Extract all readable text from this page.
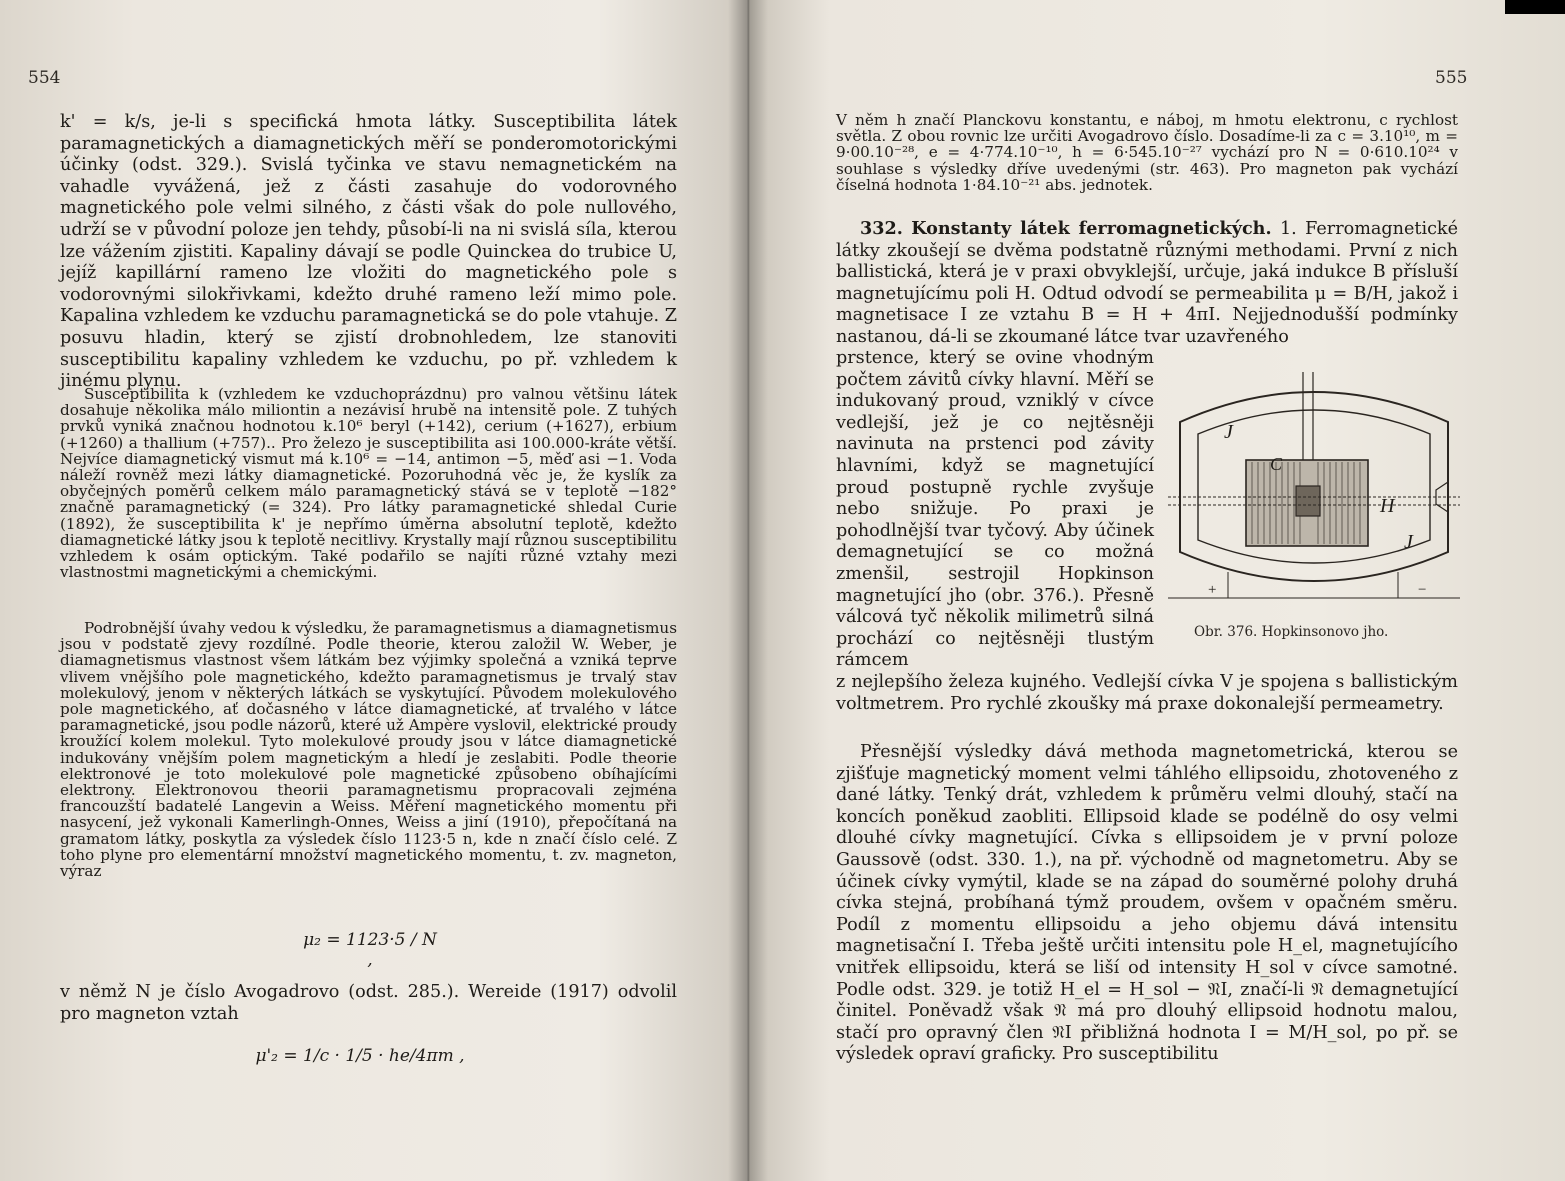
554

k' = k/s, je-li s specifická hmota látky. Susceptibilita látek paramagnetických a diamagnetických měří se ponderomotorickými účinky (odst. 329.). Svislá tyčinka ve stavu nemagnetickém na vahadle vyvážená, jež z části zasahuje do vodorovného magnetického pole velmi silného, z části však do pole nullového, udrží se v původní poloze jen tehdy, působí-li na ni svislá síla, kterou lze vážením zjistiti. Kapaliny dávají se podle Quinckea do trubice U, jejíž kapillární rameno lze vložiti do magnetického pole s vodorovnými silokřivkami, kdežto druhé rameno leží mimo pole. Kapalina vzhledem ke vzduchu paramagnetická se do pole vtahuje. Z posuvu hladin, který se zjistí drobnohledem, lze stanoviti susceptibilitu kapaliny vzhledem ke vzduchu, po př. vzhledem k jinému plynu.

Susceptibilita k (vzhledem ke vzduchoprázdnu) pro valnou většinu látek dosahuje několika málo miliontin a nezávisí hrubě na intensitě pole. Z tuhých prvků vyniká značnou hodnotou k.10⁶ beryl (+142), cerium (+1627), erbium (+1260) a thallium (+757).. Pro železo je susceptibilita asi 100.000-kráte větší. Nejvíce diamagnetický vismut má k.10⁶ = −14, antimon −5, měď asi −1. Voda náleží rovněž mezi látky diamagnetické. Pozoruhodná věc je, že kyslík za obyčejných poměrů celkem málo paramagnetický stává se v teplotě −182° značně paramagnetický (= 324). Pro látky paramagnetické shledal Curie (1892), že susceptibilita k' je nepřímo úměrna absolutní teplotě, kdežto diamagnetické látky jsou k teplotě necitlivy. Krystally mají různou susceptibilitu vzhledem k osám optickým. Také podařilo se najíti různé vztahy mezi vlastnostmi magnetickými a chemickými.

Podrobnější úvahy vedou k výsledku, že paramagnetismus a diamagnetismus jsou v podstatě zjevy rozdílné. Podle theorie, kterou založil W. Weber, je diamagnetismus vlastnost všem látkám bez výjimky společná a vzniká teprve vlivem vnějšího pole magnetického, kdežto paramagnetismus je trvalý stav molekulový, jenom v některých látkách se vyskytující. Původem molekulového pole magnetického, ať dočasného v látce diamagnetické, ať trvalého v látce paramagnetické, jsou podle názorů, které už Ampère vyslovil, elektrické proudy kroužící kolem molekul. Tyto molekulové proudy jsou v látce diamagnetické indukovány vnějším polem magnetickým a hledí je zeslabiti. Podle theorie elektronové je toto molekulové pole magnetické způsobeno obíhajícími elektrony. Elektronovou theorii paramagnetismu propracovali zejména francouzští badatelé Langevin a Weiss. Měření magnetického momentu při nasycení, jež vykonali Kamerlingh-Onnes, Weiss a jiní (1910), přepočítaná na gramatom látky, poskytla za výsledek číslo 1123·5 n, kde n značí číslo celé. Z toho plyne pro elementární množství magnetického momentu, t. zv. magneton, výraz

μ₂ = 1123·5 / N ,

v němž N je číslo Avogadrovo (odst. 285.). Wereide (1917) odvolil pro magneton vztah

μ'₂ = 1/c · 1/5 · he/4πm ,
555

V něm h značí Planckovu konstantu, e náboj, m hmotu elektronu, c rychlost světla. Z obou rovnic lze určiti Avogadrovo číslo. Dosadíme-li za c = 3.10¹⁰, m = 9·00.10⁻²⁸, e = 4·774.10⁻¹⁰, h = 6·545.10⁻²⁷ vychází pro N = 0·610.10²⁴ v souhlase s výsledky dříve uvedenými (str. 463). Pro magneton pak vychází číselná hodnota 1·84.10⁻²¹ abs. jednotek.

332. Konstanty látek ferromagnetických. 1. Ferromagnetické látky zkoušejí se dvěma podstatně různými methodami. První z nich ballistická, která je v praxi obvyklejší, určuje, jaká indukce B přísluší magnetujícímu poli H. Odtud odvodí se permeabilita μ = B/H, jakož i magnetisace I ze vztahu B = H + 4πI. Nejjednodušší podmínky nastanou, dá-li se zkoumané látce tvar uzavřeného

prstence, který se ovine vhodným počtem závitů cívky hlavní. Měří se indukovaný proud, vzniklý v cívce vedlejší, jež je co nejtěsněji navinuta na prstenci pod závity hlavními, když se magnetující proud postupně rychle zvyšuje nebo snižuje. Po praxi je pohodlnější tvar tyčový. Aby účinek demagnetující se co možná zmenšil, sestrojil Hopkinson magnetující jho (obr. 376.). Přesně válcová tyč několik milimetrů silná prochází co nejtěsněji tlustým rámcem

J
C
H
J
+	−
Obr. 376. Hopkinsonovo jho.

z nejlepšího železa kujného. Vedlejší cívka V je spojena s ballistickým voltmetrem. Pro rychlé zkoušky má praxe dokonalejší permeametry.

Přesnější výsledky dává methoda magnetometrická, kterou se zjišťuje magnetický moment velmi táhlého ellipsoidu, zhotoveného z dané látky. Tenký drát, vzhledem k průměru velmi dlouhý, stačí na koncích poněkud zaobliti. Ellipsoid klade se podélně do osy velmi dlouhé cívky magnetující. Cívka s ellipsoidem je v první poloze Gaussově (odst. 330. 1.), na př. východně od magnetometru. Aby se účinek cívky vymýtil, klade se na západ do souměrné polohy druhá cívka stejná, probíhaná týmž proudem, ovšem v opačném směru. Podíl z momentu ellipsoidu a jeho objemu dává intensitu magnetisační I. Třeba ještě určiti intensitu pole H_el, magnetujícího vnitřek ellipsoidu, která se liší od intensity H_sol v cívce samotné. Podle odst. 329. je totiž H_el = H_sol − 𝔑I, značí-li 𝔑 demagnetující činitel. Poněvadž však 𝔑 má pro dlouhý ellipsoid hodnotu malou, stačí pro opravný člen 𝔑I přibližná hodnota I = M/H_sol, po př. se výsledek opraví graficky. Pro susceptibilitu
